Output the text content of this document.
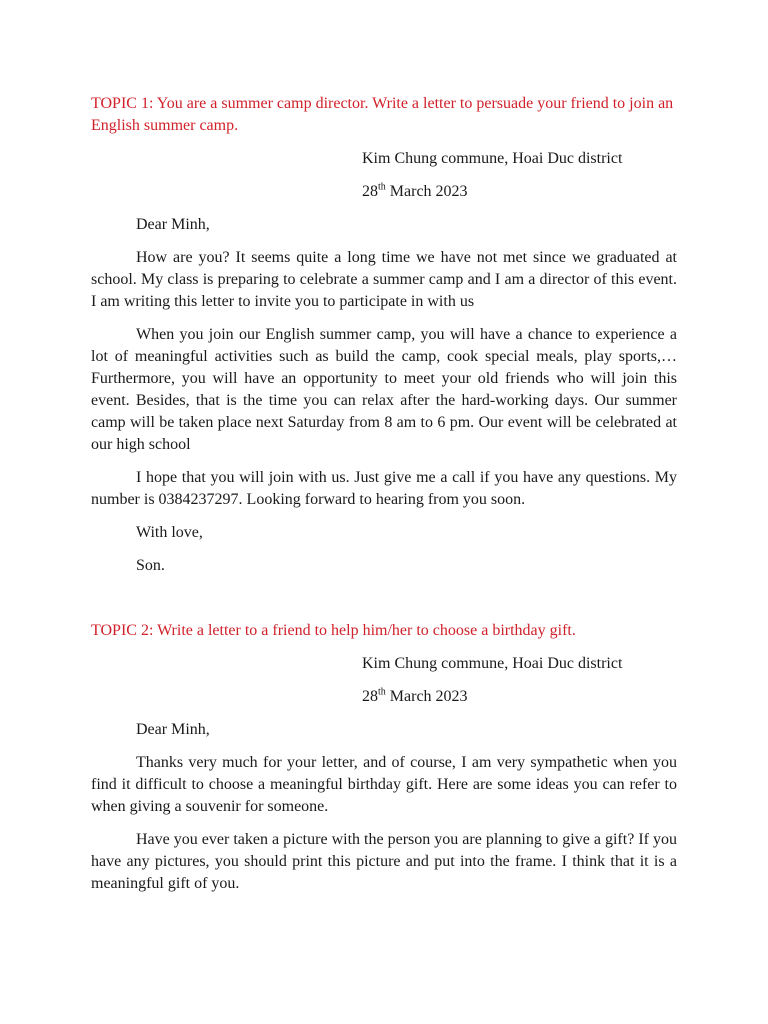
TOPIC 1: You are a summer camp director. Write a letter to persuade your friend to join an English summer camp.

Kim Chung commune, Hoai Duc district

28th March 2023

Dear Minh,

How are you? It seems quite a long time we have not met since we graduated at school. My class is preparing to celebrate a summer camp and I am a director of this event. I am writing this letter to invite you to participate in with us

When you join our English summer camp, you will have a chance to experience a lot of meaningful activities such as build the camp, cook special meals, play sports,… Furthermore, you will have an opportunity to meet your old friends who will join this event. Besides, that is the time you can relax after the hard-working days. Our summer camp will be taken place next Saturday from 8 am to 6 pm. Our event will be celebrated at our high school

I hope that you will join with us. Just give me a call if you have any questions. My number is 0384237297. Looking forward to hearing from you soon.

With love,

Son.

TOPIC 2: Write a letter to a friend to help him/her to choose a birthday gift.

Kim Chung commune, Hoai Duc district

28th March 2023

Dear Minh,

Thanks very much for your letter, and of course, I am very sympathetic when you find it difficult to choose a meaningful birthday gift. Here are some ideas you can refer to when giving a souvenir for someone.

Have you ever taken a picture with the person you are planning to give a gift? If you have any pictures, you should print this picture and put into the frame. I think that it is a meaningful gift of you.
